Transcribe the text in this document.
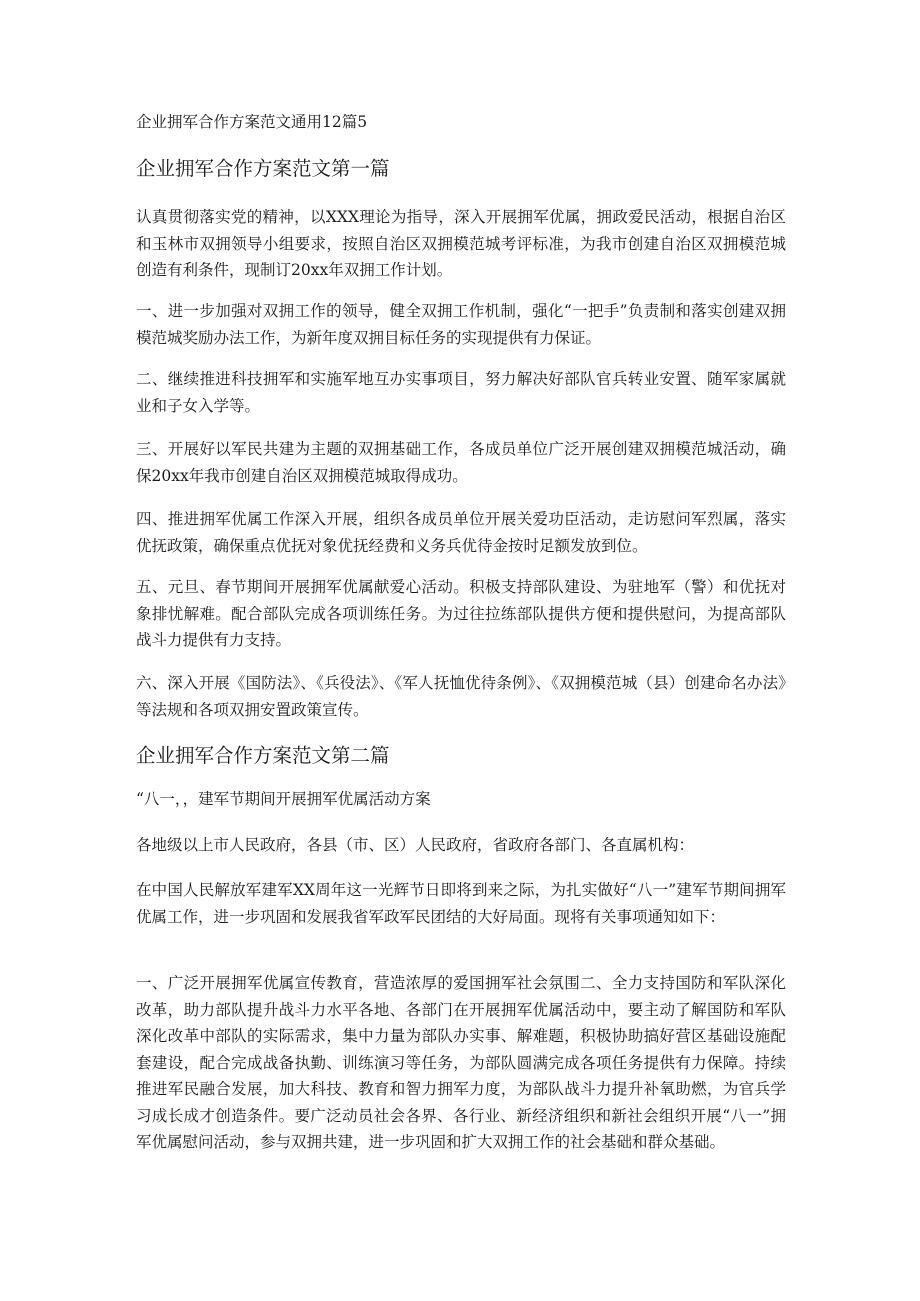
企业拥军合作方案范文通用12篇5
企业拥军合作方案范文第一篇

认真贯彻落实党的精神，以XXX理论为指导，深入开展拥军优属，拥政爱民活动，根据自治区和玉林市双拥领导小组要求，按照自治区双拥模范城考评标准，为我市创建自治区双拥模范城创造有利条件，现制订20xx年双拥工作计划。

一、进一步加强对双拥工作的领导，健全双拥工作机制，强化“一把手”负责制和落实创建双拥模范城奖励办法工作，为新年度双拥目标任务的实现提供有力保证。

二、继续推进科技拥军和实施军地互办实事项目，努力解决好部队官兵转业安置、随军家属就业和子女入学等。

三、开展好以军民共建为主题的双拥基础工作，各成员单位广泛开展创建双拥模范城活动，确保20xx年我市创建自治区双拥模范城取得成功。

四、推进拥军优属工作深入开展，组织各成员单位开展关爱功臣活动，走访慰问军烈属，落实优抚政策，确保重点优抚对象优抚经费和义务兵优待金按时足额发放到位。

五、元旦、春节期间开展拥军优属献爱心活动。积极支持部队建设、为驻地军（警）和优抚对象排忧解难。配合部队完成各项训练任务。为过往拉练部队提供方便和提供慰问，为提高部队战斗力提供有力支持。

六、深入开展《国防法》、《兵役法》、《军人抚恤优待条例》、《双拥模范城（县）创建命名办法》等法规和各项双拥安置政策宣传。

企业拥军合作方案范文第二篇

“八一，，建军节期间开展拥军优属活动方案

各地级以上市人民政府，各县（市、区）人民政府，省政府各部门、各直属机构：

在中国人民解放军建军XX周年这一光辉节日即将到来之际，为扎实做好“八一”建军节期间拥军优属工作，进一步巩固和发展我省军政军民团结的大好局面。现将有关事项通知如下：

一、广泛开展拥军优属宣传教育，营造浓厚的爱国拥军社会氛围二、全力支持国防和军队深化改革，助力部队提升战斗力水平各地、各部门在开展拥军优属活动中，要主动了解国防和军队深化改革中部队的实际需求，集中力量为部队办实事、解难题，积极协助搞好营区基础设施配套建设，配合完成战备执勤、训练演习等任务，为部队圆满完成各项任务提供有力保障。持续推进军民融合发展，加大科技、教育和智力拥军力度，为部队战斗力提升补氧助燃，为官兵学习成长成才创造条件。要广泛动员社会各界、各行业、新经济组织和新社会组织开展“八一”拥军优属慰问活动，参与双拥共建，进一步巩固和扩大双拥工作的社会基础和群众基础。
